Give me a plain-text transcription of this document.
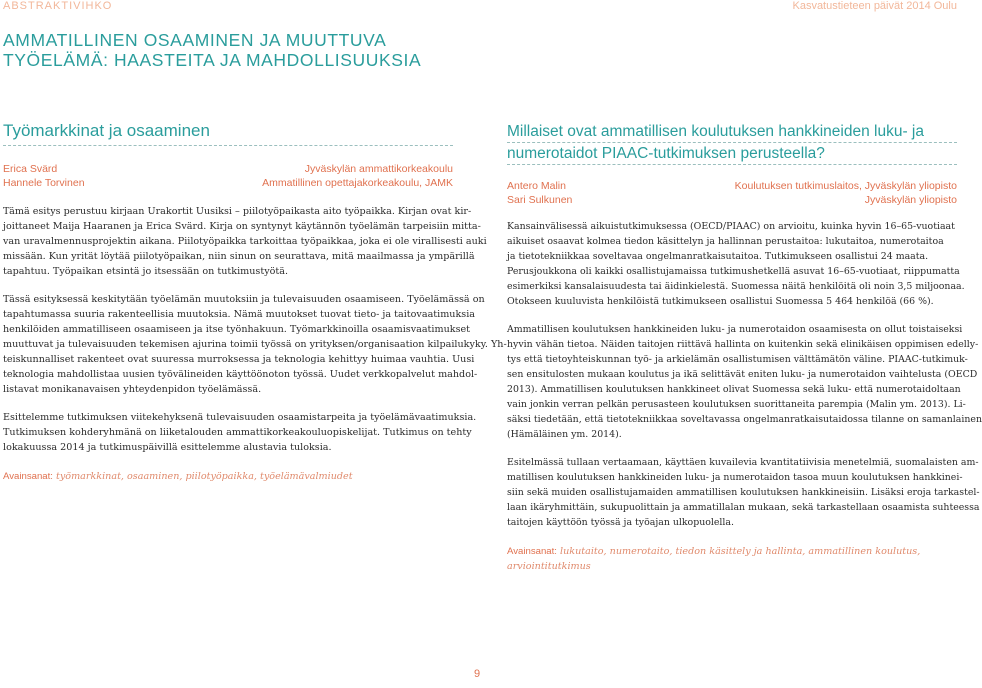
ABSTRAKTIVIHKO	Kasvatustieteen päivät 2014 Oulu
AMMATILLINEN OSAAMINEN JA MUUTTUVA
TYÖELÄMÄ: HAASTEITA JA MAHDOLLISUUKSIA
Työmarkkinat ja osaaminen
Erica Svärd	Jyväskylän ammattikorkeakoulu
Hannele Torvinen	Ammatillinen opettajakorkeakoulu, JAMK
Tämä esitys perustuu kirjaan Urakortit Uusiksi – piilotyöpaikasta aito työpaikka. Kirjan ovat kir-
joittaneet Maija Haaranen ja Erica Svärd. Kirja on syntynyt käytännön työelämän tarpeisiin mitta-
van uravalmennusprojektin aikana. Piilotyöpaikka tarkoittaa työpaikkaa, joka ei ole virallisesti auki
missään. Kun yrität löytää piilotyöpaikan, niin sinun on seurattava, mitä maailmassa ja ympärillä
tapahtuu. Työpaikan etsintä jo itsessään on tutkimustyötä.
Tässä esityksessä keskitytään työelämän muutoksiin ja tulevaisuuden osaamiseen. Työelämässä on
tapahtumassa suuria rakenteellisia muutoksia. Nämä muutokset tuovat tieto- ja taitovaatimuksia
henkilöiden ammatilliseen osaamiseen ja itse työnhakuun. Työmarkkinoilla osaamisvaatimukset
muuttuvat ja tulevaisuuden tekemisen ajurina toimii työssä on yrityksen/organisaation kilpailukyky. Yh-
teiskunnalliset rakenteet ovat suuressa murroksessa ja teknologia kehittyy huimaa vauhtia. Uusi
teknologia mahdollistaa uusien työvälineiden käyttöönoton työssä. Uudet verkkopalvelut mahdol-
listavat monikanavaisen yhteydenpidon työelämässä.
Esittelemme tutkimuksen viitekehyksenä tulevaisuuden osaamistarpeita ja työelämävaatimuksia.
Tutkimuksen kohderyhmänä on liiketalouden ammattikorkeakouluopiskelijat. Tutkimus on tehty
lokakuussa 2014 ja tutkimuspäivillä esittelemme alustavia tuloksia.
Avainsanat: työmarkkinat, osaaminen, piilotyöpaikka, työelämävalmiudet
Millaiset ovat ammatillisen koulutuksen hankkineiden luku- ja
numerotaidot PIAAC-tutkimuksen perusteella?
Antero Malin	Koulutuksen tutkimuslaitos, Jyväskylän yliopisto
Sari Sulkunen	Jyväskylän yliopisto
Kansainvälisessä aikuistutkimuksessa (OECD/PIAAC) on arvioitu, kuinka hyvin 16–65-vuotiaat
aikuiset osaavat kolmea tiedon käsittelyn ja hallinnan perustaitoa: lukutaitoa, numerotaitoa
ja tietotekniikkaa soveltavaa ongelmanratkaisutaitoa. Tutkimukseen osallistui 24 maata.
Perusjoukkona oli kaikki osallistujamaissa tutkimushetkellä asuvat 16–65-vuotiaat, riippumatta
esimerkiksi kansalaisuudesta tai äidinkielestä. Suomessa näitä henkilöitä oli noin 3,5 miljoonaa.
Otokseen kuuluvista henkilöistä tutkimukseen osallistui Suomessa 5 464 henkilöä (66 %).
Ammatillisen koulutuksen hankkineiden luku- ja numerotaidon osaamisesta on ollut toistaiseksi
hyvin vähän tietoa. Näiden taitojen riittävä hallinta on kuitenkin sekä elinikäisen oppimisen edelly-
tys että tietoyhteiskunnan työ- ja arkielämän osallistumisen välttämätön väline. PIAAC-tutkimuk-
sen ensitulosten mukaan koulutus ja ikä selittävät eniten luku- ja numerotaidon vaihtelusta (OECD
2013). Ammatillisen koulutuksen hankkineet olivat Suomessa sekä luku- että numerotaidoltaan
vain jonkin verran pelkän perusasteen koulutuksen suorittaneita parempia (Malin ym. 2013). Li-
säksi tiedetään, että tietotekniikkaa soveltavassa ongelmanratkaisutaidossa tilanne on samanlainen
(Hämäläinen ym. 2014).
Esitelmässä tullaan vertaamaan, käyttäen kuvailevia kvantitatiivisia menetelmiä, suomalaisten am-
matillisen koulutuksen hankkineiden luku- ja numerotaidon tasoa muun koulutuksen hankkinei-
siin sekä muiden osallistujamaiden ammatillisen koulutuksen hankkineisiin. Lisäksi eroja tarkastel-
laan ikäryhmittäin, sukupuolittain ja ammatillalan mukaan, sekä tarkastellaan osaamista suhteessa
taitojen käyttöön työssä ja työajan ulkopuolella.
Avainsanat: lukutaito, numerotaito, tiedon käsittely ja hallinta, ammatillinen koulutus,
arviointitutkimus
9
